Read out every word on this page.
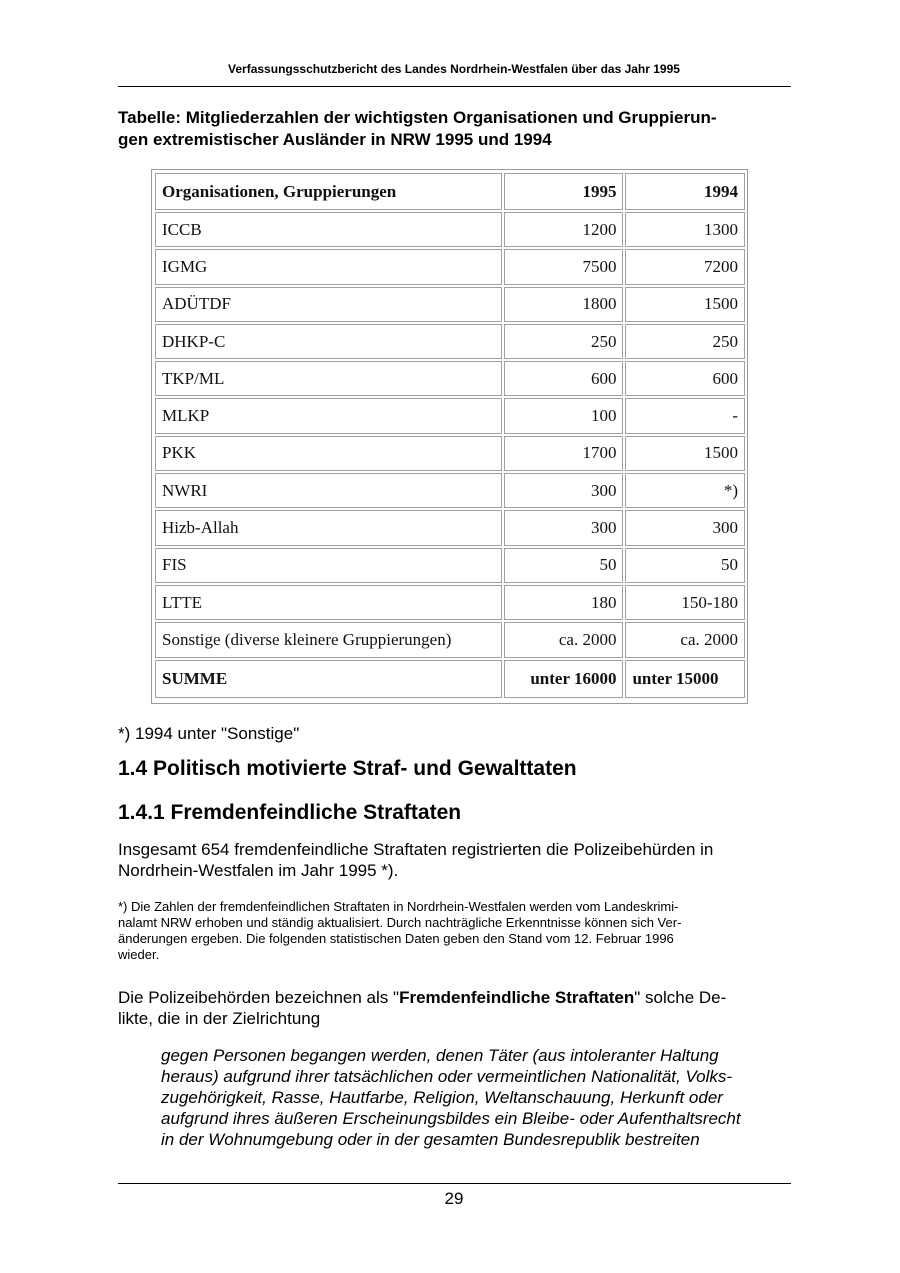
Verfassungsschutzbericht des Landes Nordrhein-Westfalen über das Jahr 1995
Tabelle: Mitgliederzahlen der wichtigsten Organisationen und Gruppierun-
gen extremistischer Ausländer in NRW 1995 und 1994
Organisationen, Gruppierungen	1995	1994
ICCB	1200	1300
IGMG	7500	7200
ADÜTDF	1800	1500
DHKP-C	250	250
TKP/ML	600	600
MLKP	100	-
PKK	1700	1500
NWRI	300	*)
Hizb-Allah	300	300
FIS	50	50
LTTE	180	150-180
Sonstige (diverse kleinere Gruppierungen)	ca. 2000	ca. 2000
SUMME	unter 16000	unter 15000
*) 1994 unter "Sonstige"
1.4 Politisch motivierte Straf- und Gewalttaten
1.4.1 Fremdenfeindliche Straftaten
Insgesamt 654 fremdenfeindliche Straftaten registrierten die Polizeibehürden in
Nordrhein-Westfalen im Jahr 1995 *).
*) Die Zahlen der fremdenfeindlichen Straftaten in Nordrhein-Westfalen werden vom Landeskrimi-
nalamt NRW erhoben und ständig aktualisiert. Durch nachträgliche Erkenntnisse können sich Ver-
änderungen ergeben. Die folgenden statistischen Daten geben den Stand vom 12. Februar 1996
wieder.
Die Polizeibehörden bezeichnen als "Fremdenfeindliche Straftaten" solche De-
likte, die in der Zielrichtung
gegen Personen begangen werden, denen Täter (aus intoleranter Haltung
heraus) aufgrund ihrer tatsächlichen oder vermeintlichen Nationalität, Volks-
zugehörigkeit, Rasse, Hautfarbe, Religion, Weltanschauung, Herkunft oder
aufgrund ihres äußeren Erscheinungsbildes ein Bleibe- oder Aufenthaltsrecht
in der Wohnumgebung oder in der gesamten Bundesrepublik bestreiten
29
